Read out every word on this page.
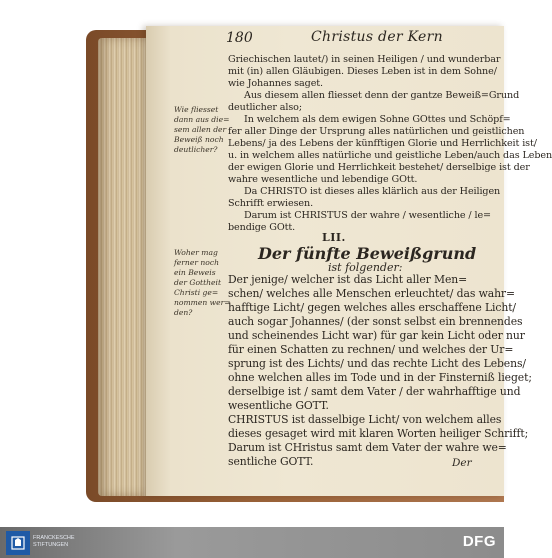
180	Christus der Kern
Griechischen lautet/) in seinen Heiligen / und wunderbar
mit (in) allen Gläubigen. Dieses Leben ist in dem Sohne/
wie Johannes saget.
Aus diesem allen fliesset denn der gantze Beweiß=Grund
deutlicher also;
In welchem als dem ewigen Sohne GOttes und Schöpf=
fer aller Dinge der Ursprung alles natürlichen und geistlichen
Lebens/ ja des Lebens der künfftigen Glorie und Herrlichkeit ist/
u. in welchem alles natürliche und geistliche Leben/auch das Leben
der ewigen Glorie und Herrlichkeit bestehet/ derselbige ist der
wahre wesentliche und lebendige GOtt.
Da CHRISTO ist dieses alles klärlich aus der Heiligen
Schrifft erwiesen.
Darum ist CHRISTUS der wahre / wesentliche / le=
bendige GOtt.
Wie fliesset
dann aus die=
sem allen der
Beweiß noch
deutlicher?
LII.
Der fünfte Beweißgrund
ist folgender:
Woher mag
ferner noch
ein Beweis
der Gottheit
Christi ge=
nommen wer=
den?
Der jenige/ welcher ist das Licht aller Men=
schen/ welches alle Menschen erleuchtet/ das wahr=
hafftige Licht/ gegen welches alles erschaffene Licht/
auch sogar Johannes/ (der sonst selbst ein brennendes
und scheinendes Licht war) für gar kein Licht oder nur
für einen Schatten zu rechnen/ und welches der Ur=
sprung ist des Lichts/ und das rechte Licht des Lebens/
ohne welchen alles im Tode und in der Finsterniß lieget;
derselbige ist / samt dem Vater / der wahrhafftige und
wesentliche GOTT.
CHRISTUS ist dasselbige Licht/ von welchem alles
dieses gesaget wird mit klaren Worten heiliger Schrifft;
Darum ist CHristus samt dem Vater der wahre we=
sentliche GOTT.	Der
FRANCKESCHE
STIFTUNGEN	DFG
